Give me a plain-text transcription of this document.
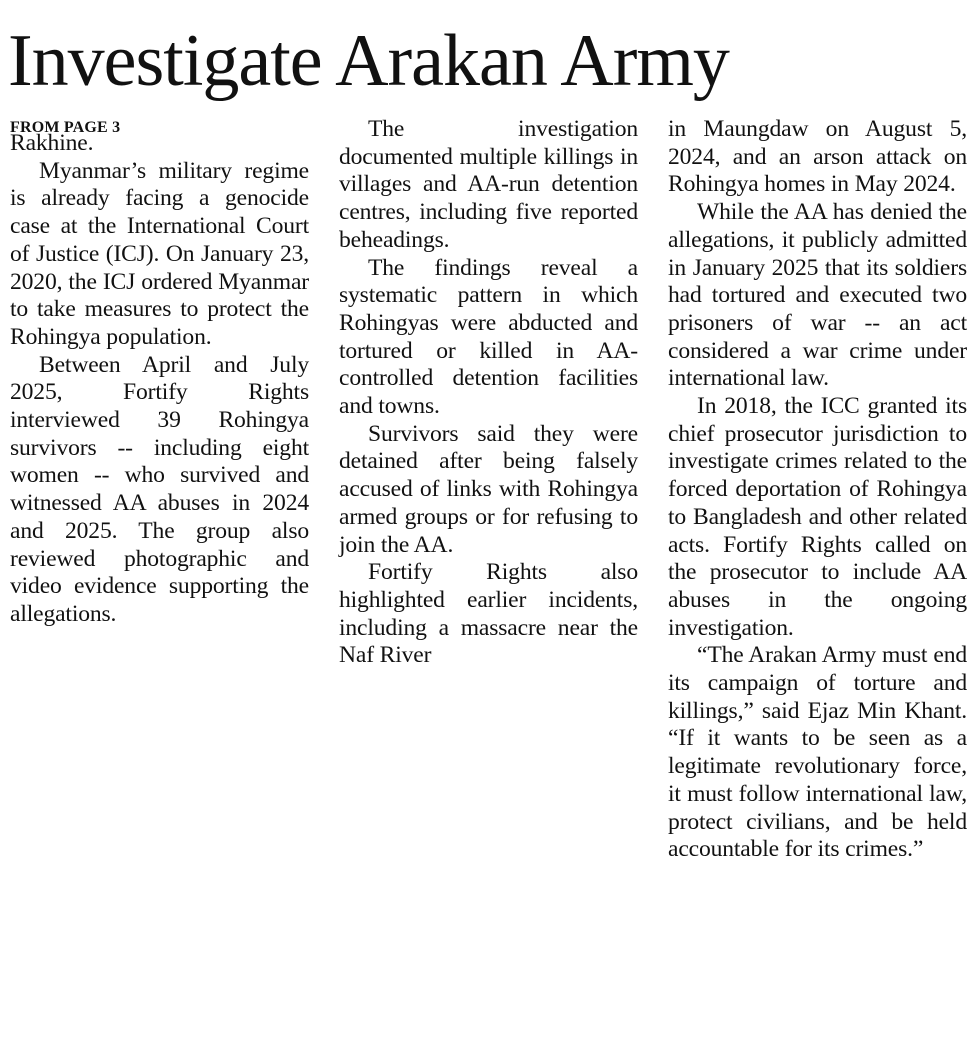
Investigate Arakan Army
FROM PAGE 3

Rakhine.

Myanmar’s military regime is already facing a genocide case at the International Court of Justice (ICJ). On January 23, 2020, the ICJ ordered Myanmar to take measures to protect the Rohingya population.

Between April and July 2025, Fortify Rights interviewed 39 Rohingya survivors -- including eight women -- who survived and witnessed AA abuses in 2024 and 2025. The group also reviewed photographic and video evidence supporting the allegations.

The investigation documented multiple killings in villages and AA-run detention centres, including five reported beheadings.

The findings reveal a systematic pattern in which Rohingyas were abducted and tortured or killed in AA-controlled detention facilities and towns.

Survivors said they were detained after being falsely accused of links with Rohingya armed groups or for refusing to join the AA.

Fortify Rights also highlighted earlier incidents, including a massacre near the Naf River

in Maungdaw on August 5, 2024, and an arson attack on Rohingya homes in May 2024.

While the AA has denied the allegations, it publicly admitted in January 2025 that its soldiers had tortured and executed two prisoners of war -- an act considered a war crime under international law.

In 2018, the ICC granted its chief prosecutor jurisdiction to investigate crimes related to the forced deportation of Rohingya to Bangladesh and other related acts. Fortify Rights called on the prosecutor to include AA abuses in the ongoing investigation.

“The Arakan Army must end its campaign of torture and killings,” said Ejaz Min Khant. “If it wants to be seen as a legitimate revolutionary force, it must follow international law, protect civilians, and be held accountable for its crimes.”
